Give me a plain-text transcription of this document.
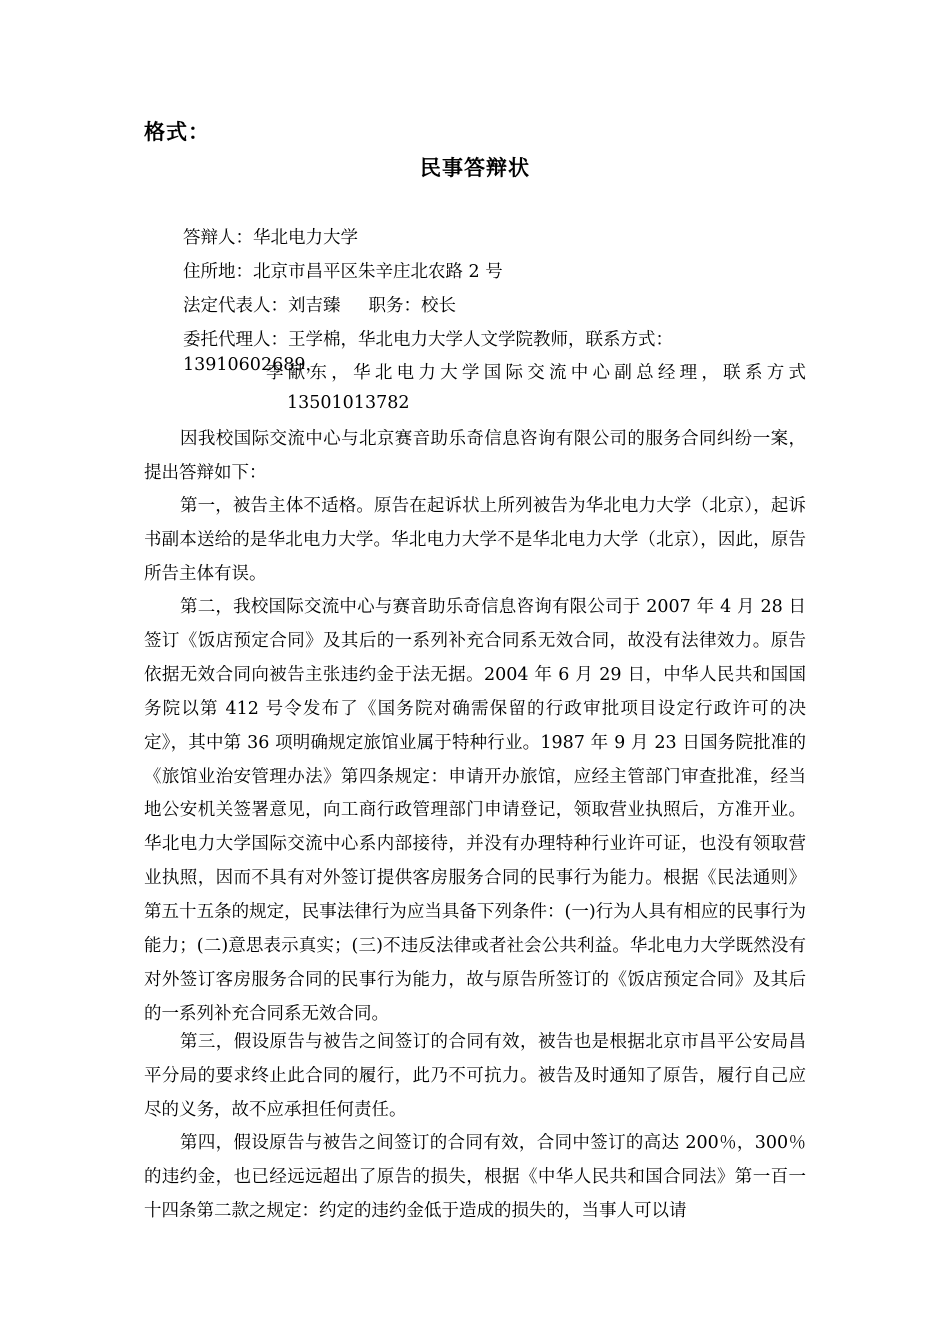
格式：
民事答辩状
答辩人：华北电力大学
住所地：北京市昌平区朱辛庄北农路 2 号
法定代表人：刘吉臻 职务：校长
委托代理人：王学棉，华北电力大学人文学院教师，联系方式：13910602689，
李献东，华北电力大学国际交流中心副总经理，联系方式
13501013782

因我校国际交流中心与北京赛音助乐奇信息咨询有限公司的服务合同纠纷一案，提出答辩如下：

第一，被告主体不适格。原告在起诉状上所列被告为华北电力大学（北京），起诉书副本送给的是华北电力大学。华北电力大学不是华北电力大学（北京），因此，原告所告主体有误。

第二，我校国际交流中心与赛音助乐奇信息咨询有限公司于 2007 年 4 月 28 日签订《饭店预定合同》及其后的一系列补充合同系无效合同，故没有法律效力。原告依据无效合同向被告主张违约金于法无据。2004 年 6 月 29 日，中华人民共和国国务院以第 412 号令发布了《国务院对确需保留的行政审批项目设定行政许可的决定》，其中第 36 项明确规定旅馆业属于特种行业。1987 年 9 月 23 日国务院批准的《旅馆业治安管理办法》第四条规定：申请开办旅馆，应经主管部门审查批准，经当地公安机关签署意见，向工商行政管理部门申请登记，领取营业执照后，方准开业。华北电力大学国际交流中心系内部接待，并没有办理特种行业许可证，也没有领取营业执照，因而不具有对外签订提供客房服务合同的民事行为能力。根据《民法通则》第五十五条的规定，民事法律行为应当具备下列条件：(一)行为人具有相应的民事行为能力；(二)意思表示真实；(三)不违反法律或者社会公共利益。华北电力大学既然没有对外签订客房服务合同的民事行为能力，故与原告所签订的《饭店预定合同》及其后的一系列补充合同系无效合同。

第三，假设原告与被告之间签订的合同有效，被告也是根据北京市昌平公安局昌平分局的要求终止此合同的履行，此乃不可抗力。被告及时通知了原告，履行自己应尽的义务，故不应承担任何责任。

第四，假设原告与被告之间签订的合同有效，合同中签订的高达 200％，300％的违约金，也已经远远超出了原告的损失，根据《中华人民共和国合同法》第一百一十四条第二款之规定：约定的违约金低于造成的损失的，当事人可以请
